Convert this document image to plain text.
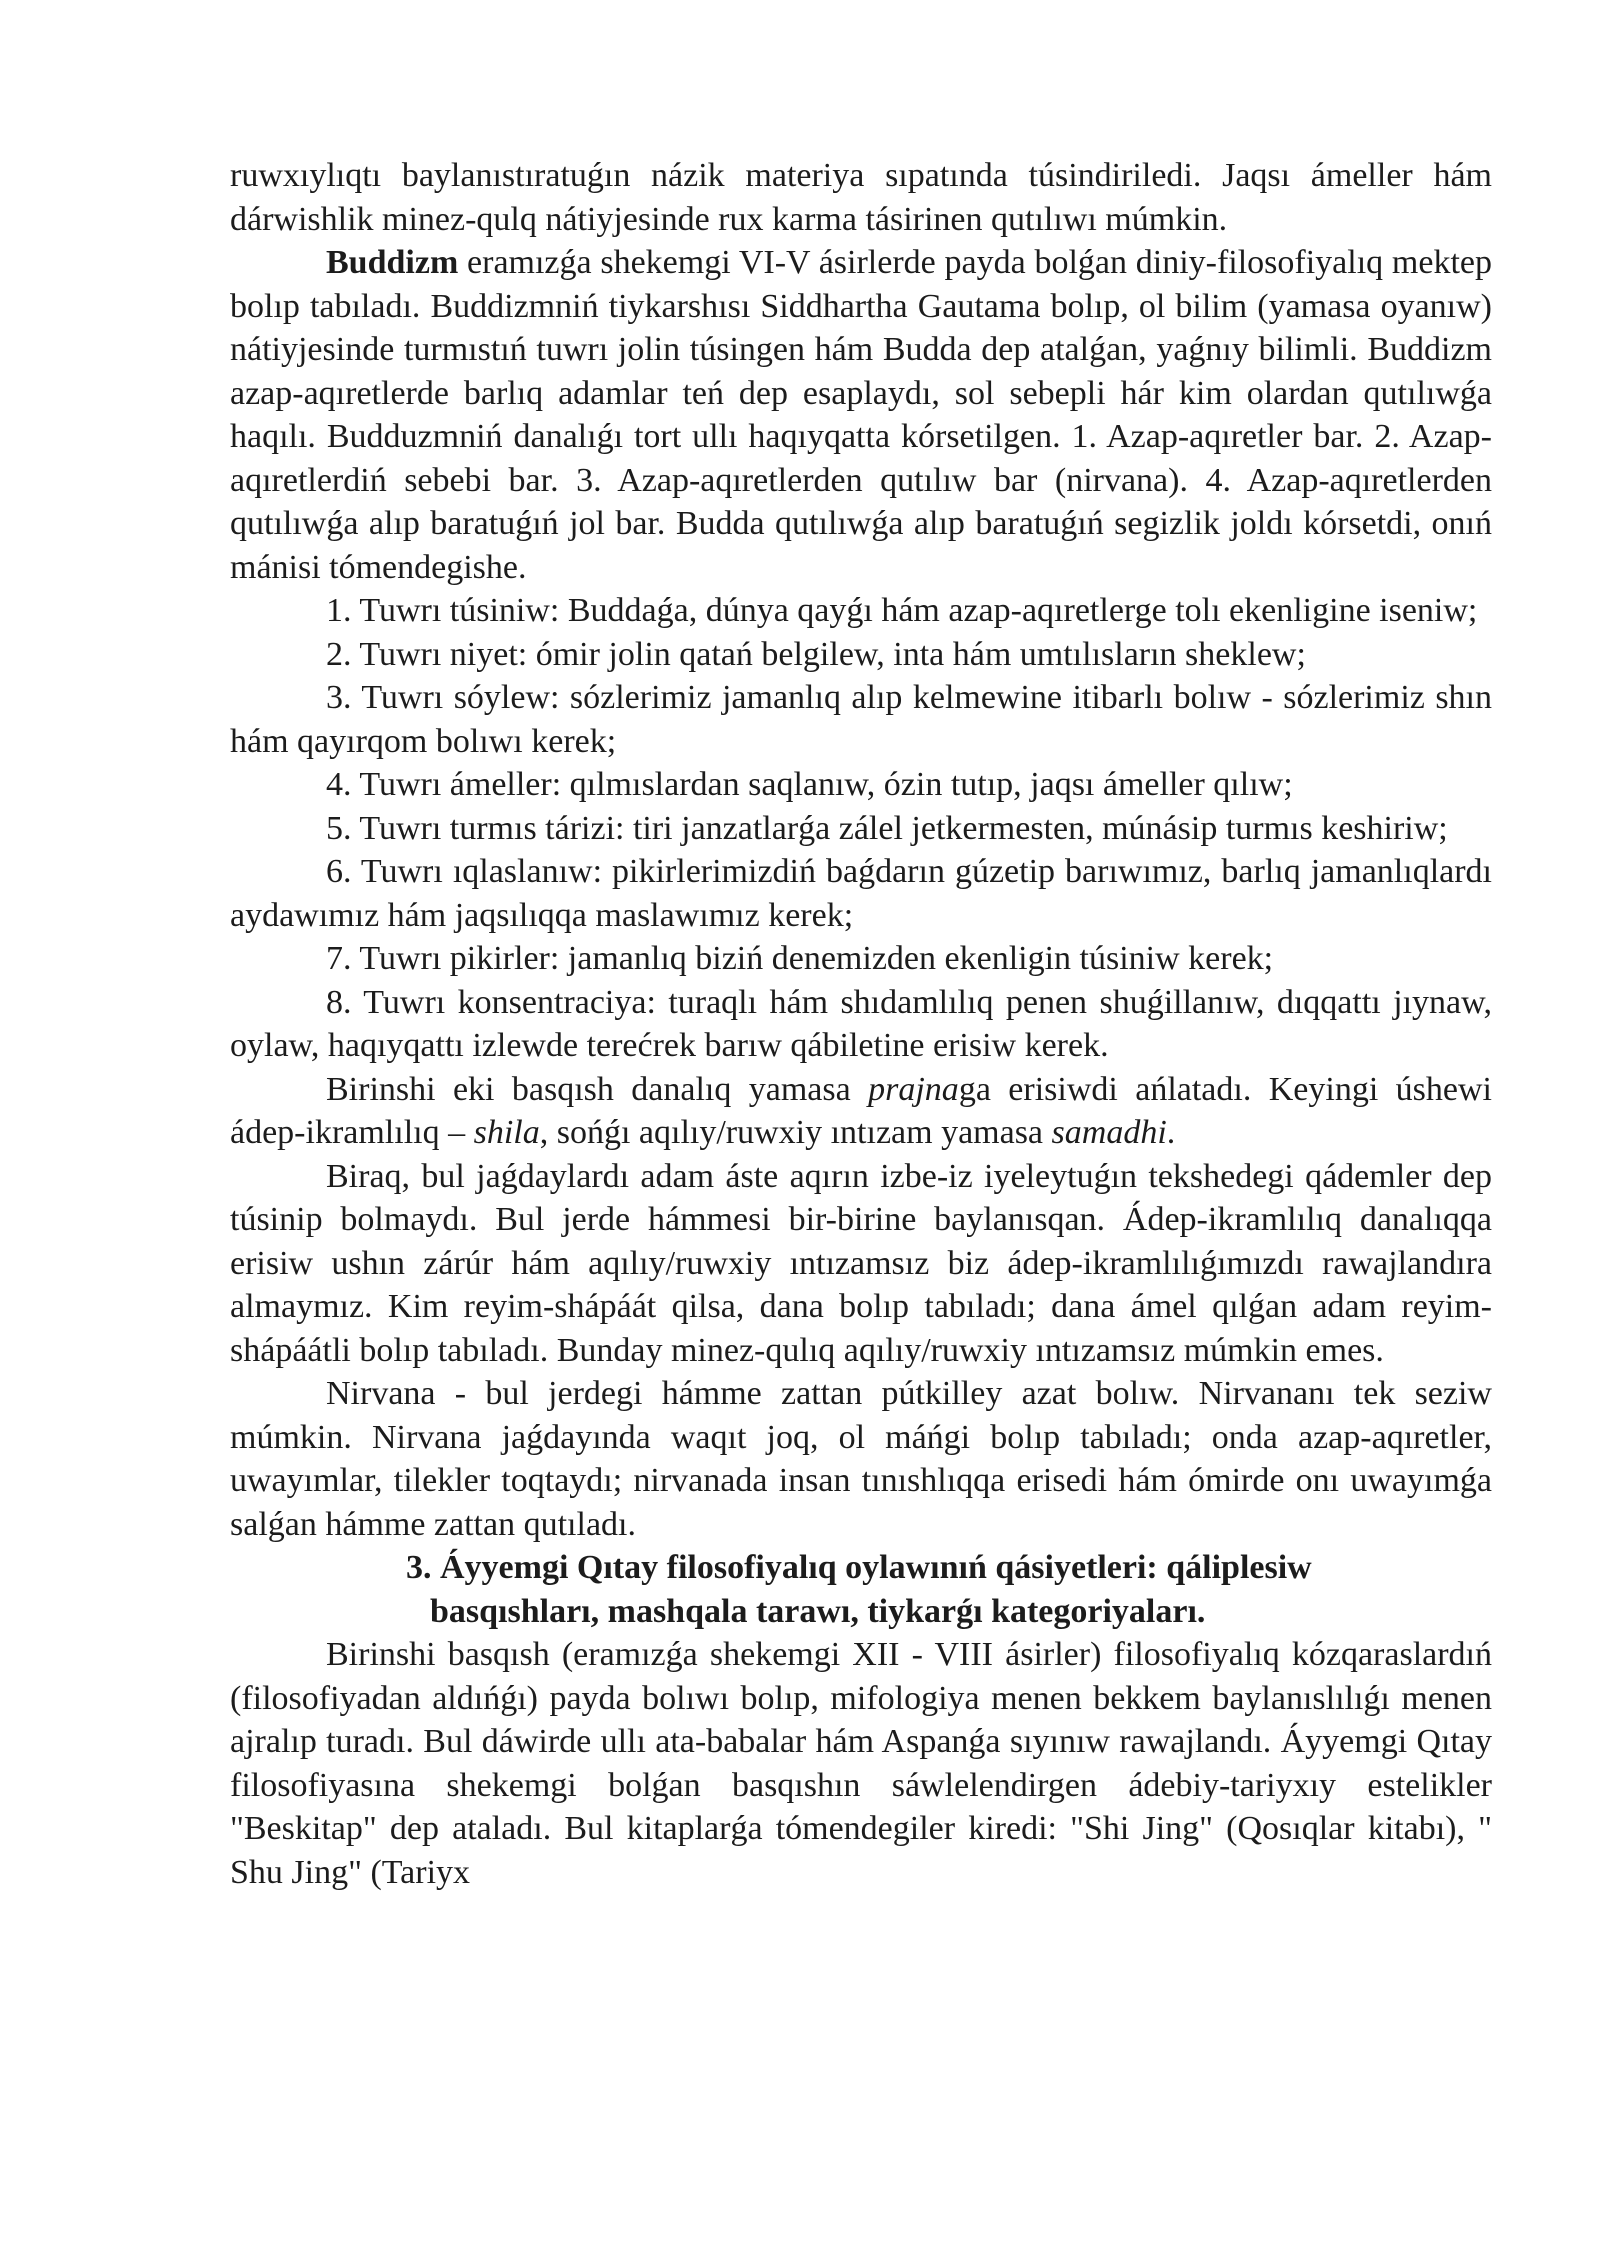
ruwxıylıqtı baylanıstıratuǵın názik materiya sıpatında túsindiriledi. Jaqsı ámeller hám dárwishlik minez-qulq nátiyjesinde rux karma tásirinen qutılıwı múmkin.

Buddizm eramızǵa shekemgi VI-V ásirlerde payda bolǵan diniy-filosofiyalıq mektep bolıp tabıladı. Buddizmniń tiykarshısı Siddhartha Gautama bolıp, ol bilim (yamasa oyanıw) nátiyjesinde turmıstıń tuwrı jolin túsingen hám Budda dep atalǵan, yaǵnıy bilimli. Buddizm azap-aqıretlerde barlıq adamlar teń dep esaplaydı, sol sebepli hár kim olardan qutılıwǵa haqılı. Budduzmniń danalıǵı tort ullı haqıyqatta kórsetilgen. 1. Azap-aqıretler bar. 2. Azap-aqıretlerdiń sebebi bar. 3. Azap-aqıretlerden qutılıw bar (nirvana). 4. Azap-aqıretlerden qutılıwǵa alıp baratuǵıń jol bar. Budda qutılıwǵa alıp baratuǵıń segizlik joldı kórsetdi, onıń mánisi tómendegishe.

1. Tuwrı túsiniw: Buddaǵa, dúnya qayǵı hám azap-aqıretlerge tolı ekenligine iseniw;

2. Tuwrı niyet: ómir jolin qatań belgilew, inta hám umtılısların sheklew;

3. Tuwrı sóylew: sózlerimiz jamanlıq alıp kelmewine itibarlı bolıw - sózlerimiz shın hám qayırqom bolıwı kerek;

4. Tuwrı ámeller: qılmıslardan saqlanıw, ózin tutıp, jaqsı ámeller qılıw;

5. Tuwrı turmıs tárizi: tiri janzatlarǵa zálel jetkermesten, múnásip turmıs keshiriw;

6. Tuwrı ıqlaslanıw: pikirlerimizdiń baǵdarın gúzetip barıwımız, barlıq jamanlıqlardı aydawımız hám jaqsılıqqa maslawımız kerek;

7. Tuwrı pikirler: jamanlıq biziń denemizden ekenligin túsiniw kerek;

8. Tuwrı konsentraciya: turaqlı hám shıdamlılıq penen shuǵillanıw, dıqqattı jıynaw, oylaw, haqıyqattı izlewde terećrek barıw qábiletine erisiw kerek.

Birinshi eki basqısh danalıq yamasa prajnaga erisiwdi ańlatadı. Keyingi úshewi ádep-ikramlılıq – shila, sońǵı aqılıy/ruwxiy ıntızam yamasa samadhi.

Biraq, bul jaǵdaylardı adam áste aqırın izbe-iz iyeleytuǵın tekshedegi qádemler dep túsinip bolmaydı. Bul jerde hámmesi bir-birine baylanısqan. Ádep-ikramlılıq danalıqqa erisiw ushın zárúr hám aqılıy/ruwxiy ıntızamsız biz ádep-ikramlılıǵımızdı rawajlandıra almaymız. Kim reyim-shápáát qilsa, dana bolıp tabıladı; dana ámel qılǵan adam reyim-shápáátli bolıp tabıladı. Bunday minez-qulıq aqılıy/ruwxiy ıntızamsız múmkin emes.

Nirvana - bul jerdegi hámme zattan pútkilley azat bolıw. Nirvananı tek seziw múmkin. Nirvana jaǵdayında waqıt joq, ol máńgi bolıp tabıladı; onda azap-aqıretler, uwayımlar, tilekler toqtaydı; nirvanada insan tınıshlıqqa erisedi hám ómirde onı uwayımǵa salǵan hámme zattan qutıladı.

3. Áyyemgi Qıtay filosofiyalıq oylawınıń qásiyetleri: qáliplesiw
basqıshları, mashqala tarawı, tiykarǵı kategoriyaları.

Birinshi basqısh (eramızǵa shekemgi XII - VIII ásirler) filosofiyalıq kózqaraslardıń (filosofiyadan aldıńǵı) payda bolıwı bolıp, mifologiya menen bekkem baylanıslılıǵı menen ajralıp turadı. Bul dáwirde ullı ata-babalar hám Aspanǵa sıyınıw rawajlandı. Áyyemgi Qıtay filosofiyasına shekemgi bolǵan basqıshın sáwlelendirgen ádebiy-tariyxıy estelikler "Beskitap" dep ataladı. Bul kitaplarǵa tómendegiler kiredi: "Shi Jing" (Qosıqlar kitabı), " Shu Jing" (Tariyx
